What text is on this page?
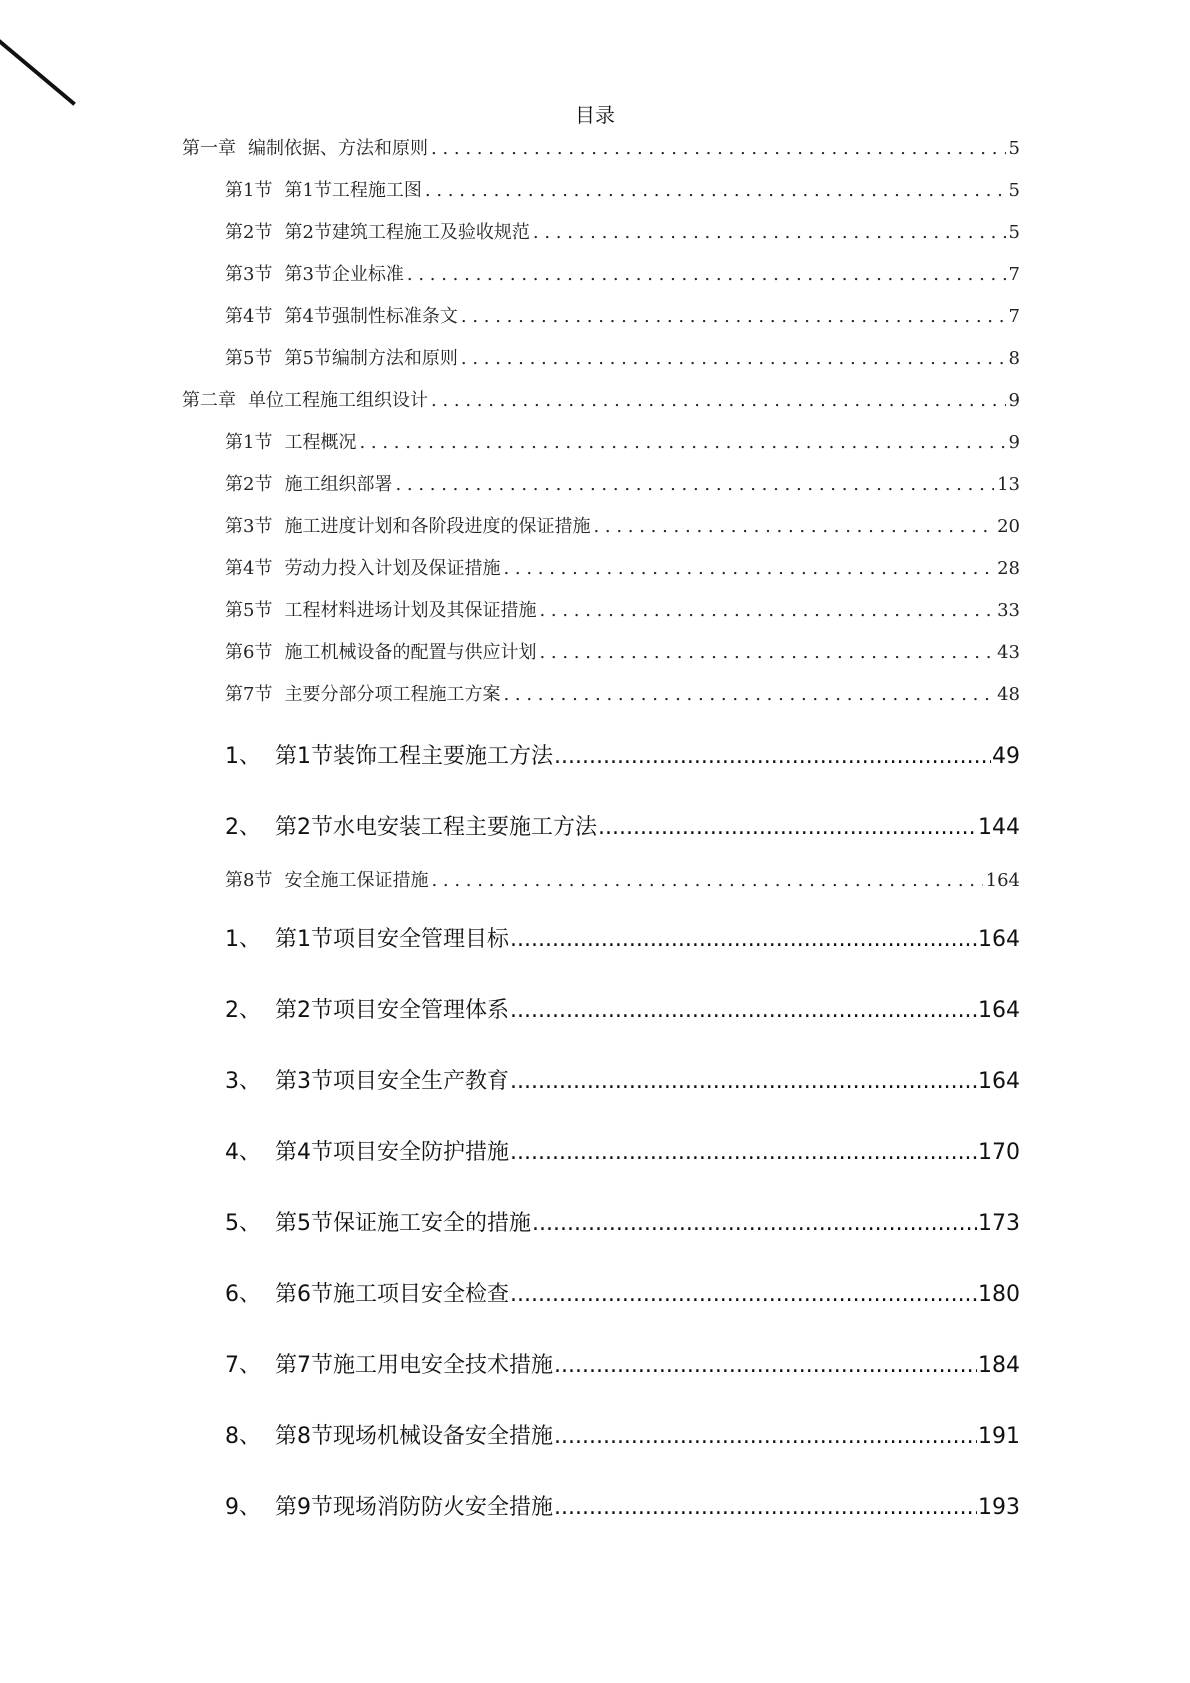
目录
第一章 编制依据、方法和原则 . . .	5
第1节 第1节工程施工图 . . .	5
第2节 第2节建筑工程施工及验收规范 . . .	5
第3节 第3节企业标准 . . .	7
第4节 第4节强制性标准条文 . . .	7
第5节 第5节编制方法和原则 . . .	8
第二章 单位工程施工组织设计 . . .	9
第1节 工程概况 . . .	9
第2节 施工组织部署 . . .	13
第3节 施工进度计划和各阶段进度的保证措施 . . .	20
第4节 劳动力投入计划及保证措施 . . .	28
第5节 工程材料进场计划及其保证措施 . . .	33
第6节 施工机械设备的配置与供应计划 . . .	43
第7节 主要分部分项工程施工方案 . . .	48
1、 第1节装饰工程主要施工方法 .....	49
2、 第2节水电安装工程主要施工方法 .....	144
第8节 安全施工保证措施 . . .	164
1、 第1节项目安全管理目标 .....	164
2、 第2节项目安全管理体系 .....	164
3、 第3节项目安全生产教育 .....	164
4、 第4节项目安全防护措施 .....	170
5、 第5节保证施工安全的措施 .....	173
6、 第6节施工项目安全检查 .....	180
7、 第7节施工用电安全技术措施 .....	184
8、 第8节现场机械设备安全措施 .....	191
9、 第9节现场消防防火安全措施 .....	193
